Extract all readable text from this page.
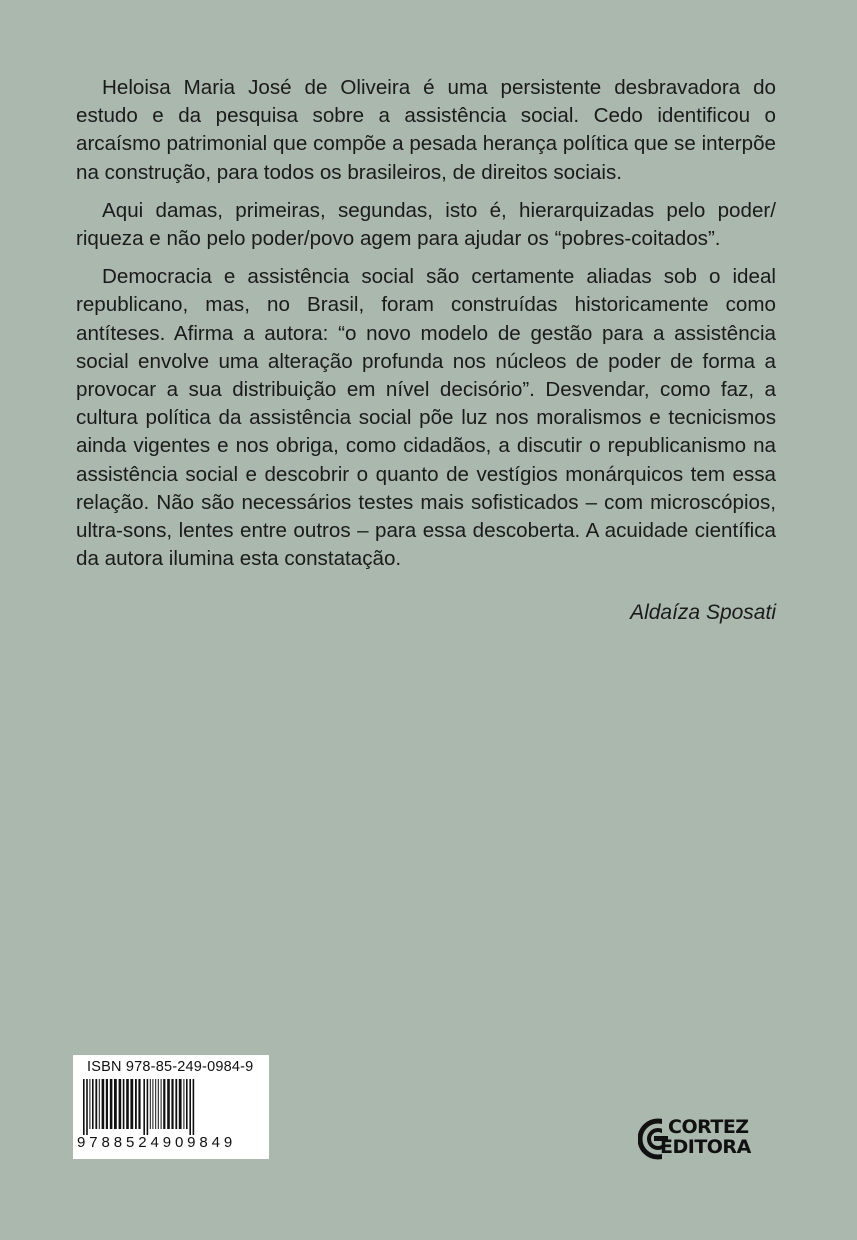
Heloisa Maria José de Oliveira é uma persistente desbravadora do estudo e da pesquisa sobre a assistência social. Cedo identificou o arcaísmo patrimonial que compõe a pesada herança política que se interpõe na construção, para todos os brasileiros, de direitos sociais.

Aqui damas, primeiras, segundas, isto é, hierarquizadas pelo poder/ riqueza e não pelo poder/povo agem para ajudar os “pobres-coitados”.

Democracia e assistência social são certamente aliadas sob o ideal republicano, mas, no Brasil, foram construídas historicamente como antíteses. Afirma a autora: “o novo modelo de gestão para a assistência social envolve uma alteração profunda nos núcleos de poder de forma a provocar a sua distribuição em nível decisório”. Desvendar, como faz, a cultura política da assistência social põe luz nos moralismos e tecnicismos ainda vigentes e nos obriga, como cidadãos, a discutir o republicanismo na assistência social e descobrir o quanto de vestígios monárquicos tem essa relação. Não são necessários testes mais sofisticados – com microscópios, ultra-sons, lentes entre outros – para essa descoberta. A acuidade científica da autora ilumina esta constatação.

Aldaíza Sposati
ISBN 978-85-249-0984-9
9788524909849
CORTEZ
EDITORA
